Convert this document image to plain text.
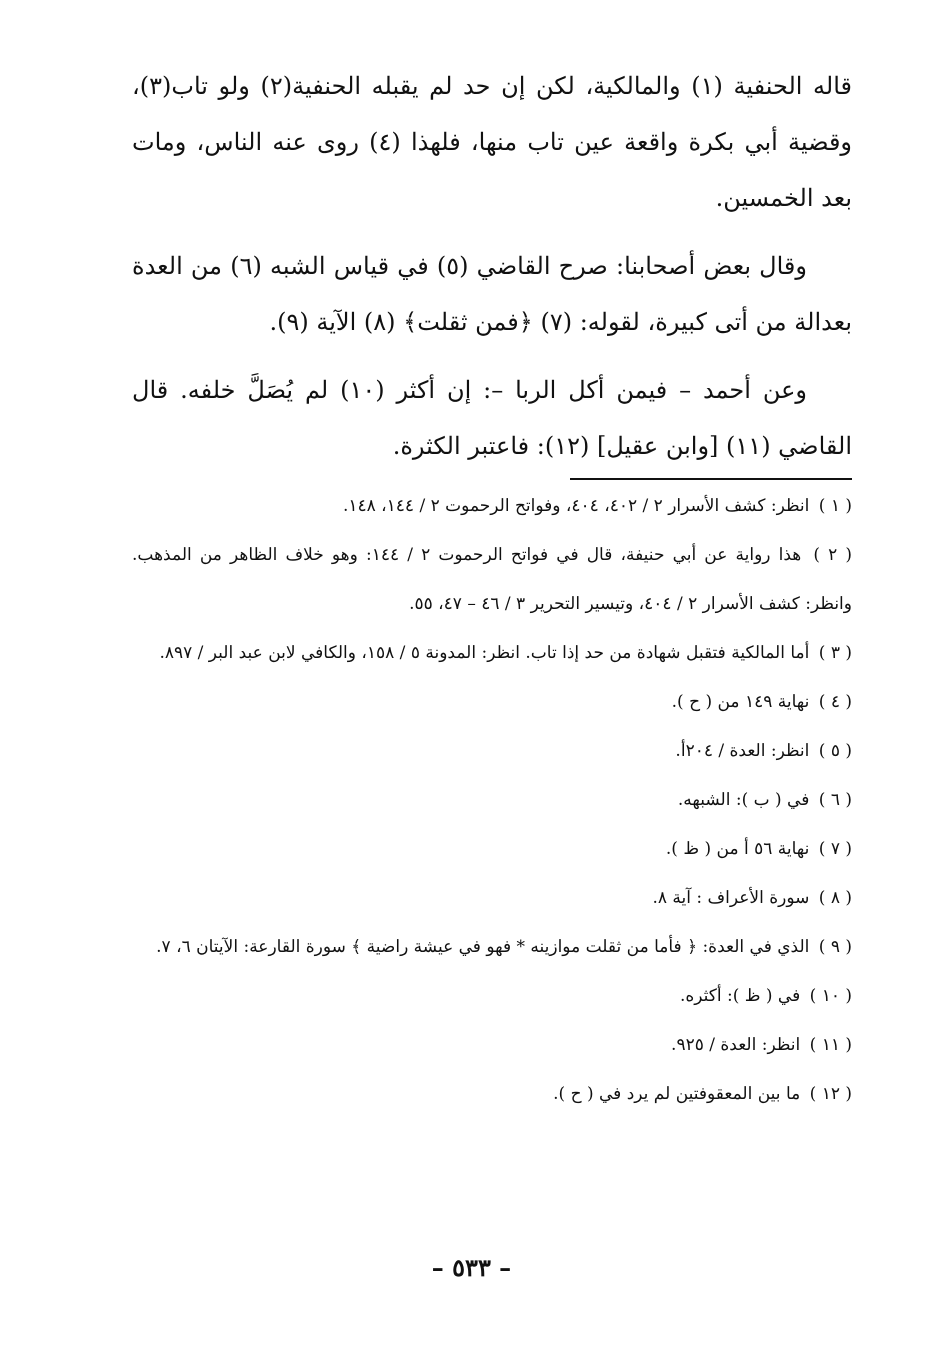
قاله الحنفية (١) والمالكية، لكن إن حد لم يقبله الحنفية(٢) ولو تاب(٣)، وقضية أبي بكرة واقعة عين تاب منها، فلهذا (٤) روى عنه الناس، ومات بعد الخمسين.

وقال بعض أصحابنا: صرح القاضي (٥) في قياس الشبه (٦) من العدة بعدالة من أتى كبيرة، لقوله: (٧) ﴿فمن ثقلت﴾ (٨) الآية (٩).

وعن أحمد – فيمن أكل الربا –: إن أكثر (١٠) لم يُصَلَّ خلفه. قال القاضي (١١) [وابن عقيل] (١٢): فاعتبر الكثرة.

( ١ ) انظر: كشف الأسرار ٢ / ٤٠٢، ٤٠٤، وفواتح الرحموت ٢ / ١٤٤، ١٤٨.
( ٢ ) هذا رواية عن أبي حنيفة، قال في فواتح الرحموت ٢ / ١٤٤: وهو خلاف الظاهر من المذهب. وانظر: كشف الأسرار ٢ / ٤٠٤، وتيسير التحرير ٣ / ٤٦ – ٤٧، ٥٥.
( ٣ ) أما المالكية فتقبل شهادة من حد إذا تاب. انظر: المدونة ٥ / ١٥٨، والكافي لابن عبد البر / ٨٩٧.
( ٤ ) نهاية ١٤٩ من ( ح ).
( ٥ ) انظر: العدة / ٢٠٤أ.
( ٦ ) في ( ب ): الشبهه.
( ٧ ) نهاية ٥٦ أ من ( ظ ).
( ٨ ) سورة الأعراف : آية ٨.
( ٩ ) الذي في العدة: ﴿ فأما من ثقلت موازينه * فهو في عيشة راضية ﴾ سورة القارعة: الآيتان ٦، ٧.
( ١٠ ) في ( ظ ): أكثره.
( ١١ ) انظر: العدة / ٩٢٥.
( ١٢ ) ما بين المعقوفتين لم يرد في ( ح ).
– ٥٣٣ –
